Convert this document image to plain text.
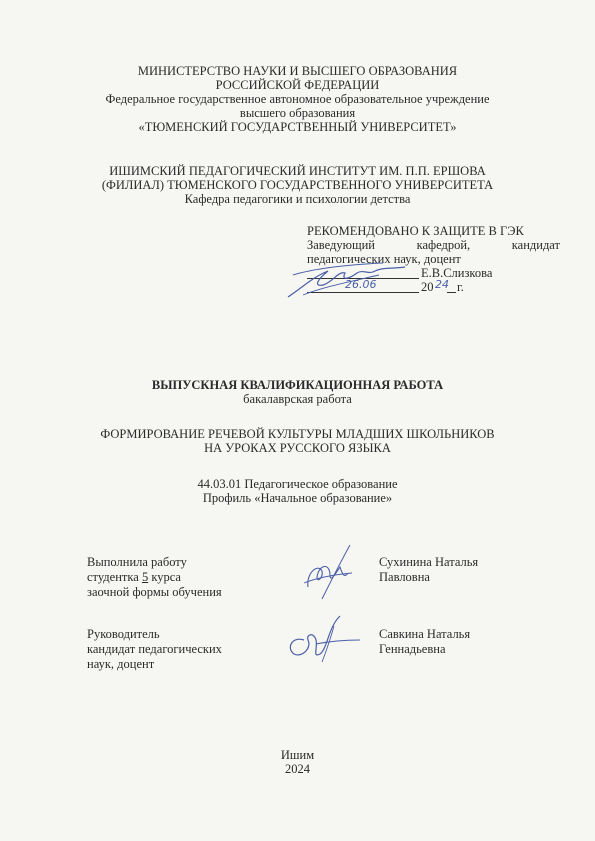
МИНИСТЕРСТВО НАУКИ И ВЫСШЕГО ОБРАЗОВАНИЯ
РОССИЙСКОЙ ФЕДЕРАЦИИ
Федеральное государственное автономное образовательное учреждение
высшего образования
«ТЮМЕНСКИЙ ГОСУДАРСТВЕННЫЙ УНИВЕРСИТЕТ»
ИШИМСКИЙ ПЕДАГОГИЧЕСКИЙ ИНСТИТУТ ИМ. П.П. ЕРШОВА
(ФИЛИАЛ) ТЮМЕНСКОГО ГОСУДАРСТВЕННОГО УНИВЕРСИТЕТА
Кафедра педагогики и психологии детства
РЕКОМЕНДОВАНО К ЗАЩИТЕ В ГЭК
Заведующий кафедрой, кандидат
педагогических наук, доцент
Е.В.Слизкова
26.06	20 24 г.
ВЫПУСКНАЯ КВАЛИФИКАЦИОННАЯ РАБОТА
бакалаврская работа
ФОРМИРОВАНИЕ РЕЧЕВОЙ КУЛЬТУРЫ МЛАДШИХ ШКОЛЬНИКОВ
НА УРОКАХ РУССКОГО ЯЗЫКА
44.03.01 Педагогическое образование
Профиль «Начальное образование»
Выполнила работу
студентка 5 курса
заочной формы обучения
Сухинина Наталья
Павловна
Руководитель
кандидат педагогических
наук, доцент
Савкина Наталья
Геннадьевна
Ишим
2024
